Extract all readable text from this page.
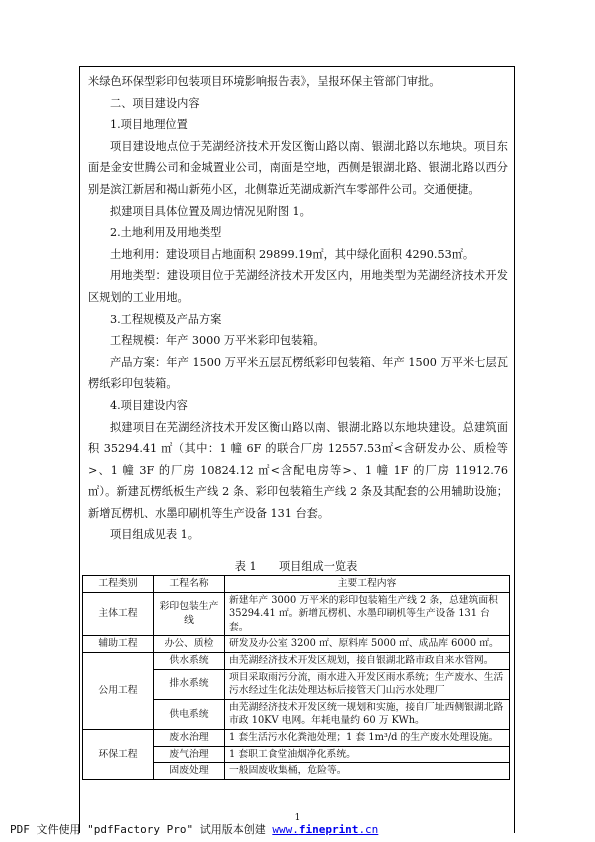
米绿色环保型彩印包装项目环境影响报告表》，呈报环保主管部门审批。

二、项目建设内容

1.项目地理位置

项目建设地点位于芜湖经济技术开发区衡山路以南、银湖北路以东地块。项目东面是金安世腾公司和金城置业公司，南面是空地，西侧是银湖北路、银湖北路以西分别是滨江新居和褐山新苑小区，北侧靠近芜湖成新汽车零部件公司。交通便捷。

拟建项目具体位置及周边情况见附图 1。

2.土地利用及用地类型

土地利用：建设项目占地面积 29899.19㎡，其中绿化面积 4290.53㎡。

用地类型：建设项目位于芜湖经济技术开发区内，用地类型为芜湖经济技术开发区规划的工业用地。

3.工程规模及产品方案

工程规模：年产 3000 万平米彩印包装箱。

产品方案：年产 1500 万平米五层瓦楞纸彩印包装箱、年产 1500 万平米七层瓦楞纸彩印包装箱。

4.项目建设内容

拟建项目在芜湖经济技术开发区衡山路以南、银湖北路以东地块建设。总建筑面积 35294.41 ㎡（其中：1 幢 6F 的联合厂房 12557.53㎡<含研发办公、质检等>、1 幢 3F 的厂房 10824.12 ㎡<含配电房等>、1 幢 1F 的厂房 11912.76 ㎡）。新建瓦楞纸板生产线 2 条、彩印包装箱生产线 2 条及其配套的公用辅助设施；新增瓦楞机、水墨印刷机等生产设备 131 台套。

项目组成见表 1。

表 1　　项目组成一览表
工程类别	工程名称	主要工程内容
主体工程	彩印包装生产线	新建年产 3000 万平米的彩印包装箱生产线 2 条，总建筑面积 35294.41 ㎡。新增瓦楞机、水墨印刷机等生产设备 131 台套。
辅助工程	办公、质检	研发及办公室 3200 ㎡、原料库 5000 ㎡、成品库 6000 ㎡。
公用工程	供水系统	由芜湖经济技术开发区规划，接自银湖北路市政自来水管网。
	排水系统	项目采取雨污分流，雨水进入开发区雨水系统；生产废水、生活污水经过生化法处理达标后接管天门山污水处理厂
	供电系统	由芜湖经济技术开发区统一规划和实施，接自厂址西侧银湖北路市政 10KV 电网。年耗电量约 60 万 KWh。
环保工程	废水治理	1 套生活污水化粪池处理；1 套 1m³/d 的生产废水处理设施。
	废气治理	1 套职工食堂油烟净化系统。
	固废处理	一般固废收集桶，危险等。
1
PDF 文件使用 "pdfFactory Pro" 试用版本创建 www.fineprint.cn
